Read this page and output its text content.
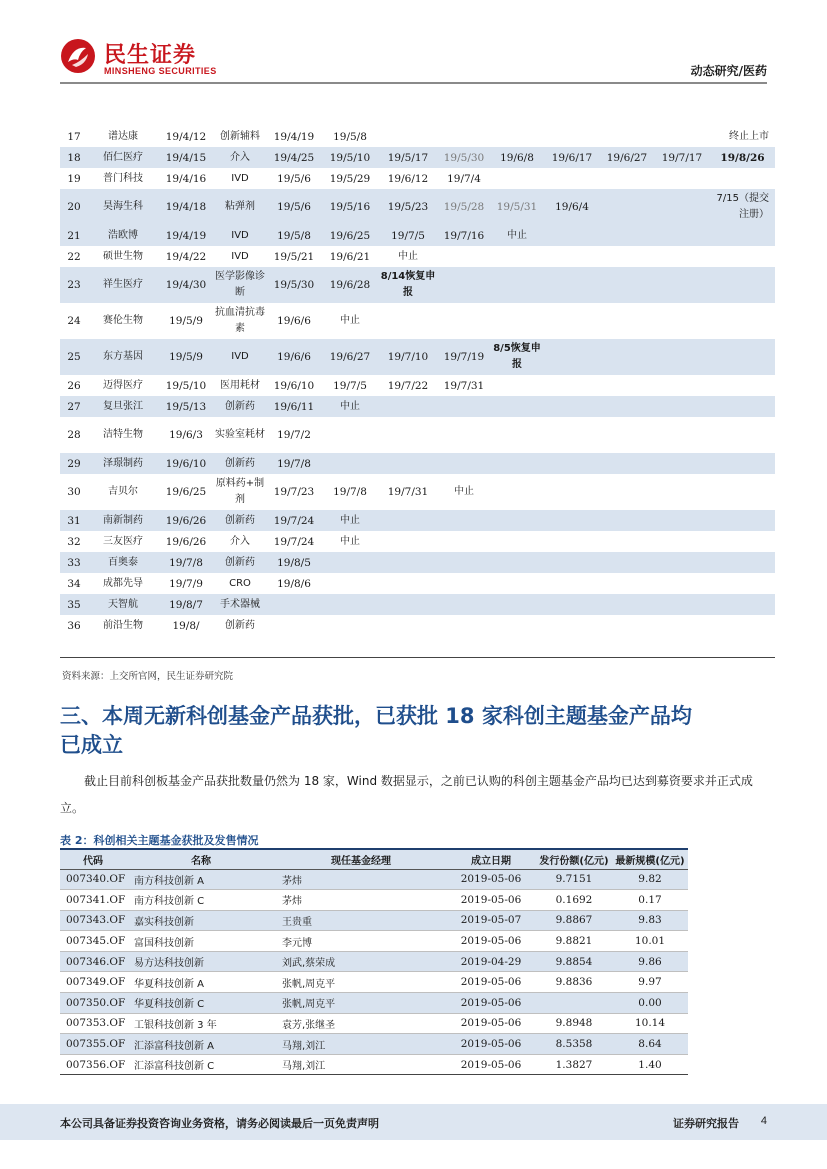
民生证券
MINSHENG SECURITIES	动态研究/医药
17	谱达康	19/4/12	创新辅料	19/4/19	19/5/8							终止上市
18	佰仁医疗	19/4/15	介入	19/4/25	19/5/10	19/5/17	19/5/30	19/6/8	19/6/17	19/6/27	19/7/17	19/8/26
19	普门科技	19/4/16	IVD	19/5/6	19/5/29	19/6/12	19/7/4					
20	昊海生科	19/4/18	粘弹剂	19/5/6	19/5/16	19/5/23	19/5/28	19/5/31	19/6/4			7/15（提交注册）
21	浩欧博	19/4/19	IVD	19/5/8	19/6/25	19/7/5	19/7/16	中止				
22	硕世生物	19/4/22	IVD	19/5/21	19/6/21	中止						
23	祥生医疗	19/4/30	医学影像诊断	19/5/30	19/6/28	8/14恢复申报						
24	赛伦生物	19/5/9	抗血清抗毒素	19/6/6	中止							
25	东方基因	19/5/9	IVD	19/6/6	19/6/27	19/7/10	19/7/19	8/5恢复申报				
26	迈得医疗	19/5/10	医用耗材	19/6/10	19/7/5	19/7/22	19/7/31					
27	复旦张江	19/5/13	创新药	19/6/11	中止							
28	洁特生物	19/6/3	实验室耗材	19/7/2								
29	泽璟制药	19/6/10	创新药	19/7/8								
30	吉贝尔	19/6/25	原料药+制剂	19/7/23	19/7/8	19/7/31	中止					
31	南新制药	19/6/26	创新药	19/7/24	中止							
32	三友医疗	19/6/26	介入	19/7/24	中止							
33	百奥泰	19/7/8	创新药	19/8/5								
34	成都先导	19/7/9	CRO	19/8/6								
35	天智航	19/8/7	手术器械									
36	前沿生物	19/8/	创新药									
资料来源：上交所官网，民生证券研究院
三、本周无新科创基金产品获批，已获批 18 家科创主题基金产品均已成立
截止目前科创板基金产品获批数量仍然为 18 家，Wind 数据显示，之前已认购的科创主题基金产品均已达到募资要求并正式成立。
表 2：科创相关主题基金获批及发售情况
代码	名称	现任基金经理	成立日期	发行份额(亿元)	最新规模(亿元)
007340.OF	南方科技创新 A	茅炜	2019-05-06	9.7151	9.82
007341.OF	南方科技创新 C	茅炜	2019-05-06	0.1692	0.17
007343.OF	嘉实科技创新	王贵重	2019-05-07	9.8867	9.83
007345.OF	富国科技创新	李元博	2019-05-06	9.8821	10.01
007346.OF	易方达科技创新	刘武,蔡荣成	2019-04-29	9.8854	9.86
007349.OF	华夏科技创新 A	张帆,周克平	2019-05-06	9.8836	9.97
007350.OF	华夏科技创新 C	张帆,周克平	2019-05-06		0.00
007353.OF	工银科技创新 3 年	袁芳,张继圣	2019-05-06	9.8948	10.14
007355.OF	汇添富科技创新 A	马翔,刘江	2019-05-06	8.5358	8.64
007356.OF	汇添富科技创新 C	马翔,刘江	2019-05-06	1.3827	1.40
本公司具备证券投资咨询业务资格，请务必阅读最后一页免责声明	证券研究报告 4
